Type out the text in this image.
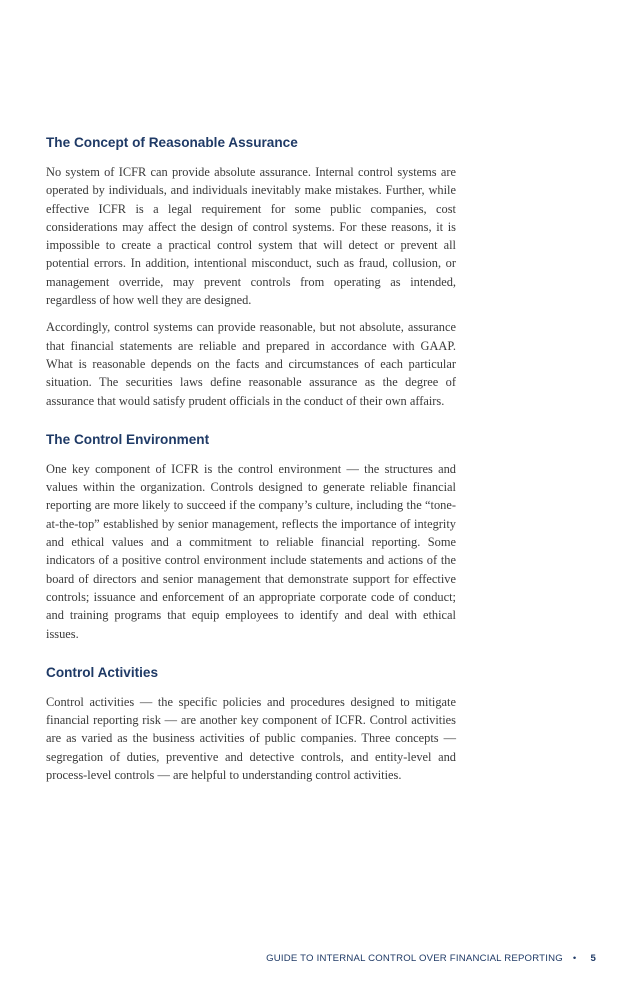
The Concept of Reasonable Assurance

No system of ICFR can provide absolute assurance. Internal control systems are operated by individuals, and individuals inevitably make mistakes. Further, while effective ICFR is a legal requirement for some public companies, cost considerations may affect the design of control systems. For these reasons, it is impossible to create a practical control system that will detect or prevent all potential errors. In addition, intentional misconduct, such as fraud, collusion, or management override, may prevent controls from operating as intended, regardless of how well they are designed.

Accordingly, control systems can provide reasonable, but not absolute, assurance that financial statements are reliable and prepared in accordance with GAAP. What is reasonable depends on the facts and circumstances of each particular situation. The securities laws define reasonable assurance as the degree of assurance that would satisfy prudent officials in the conduct of their own affairs.

The Control Environment

One key component of ICFR is the control environment — the structures and values within the organization. Controls designed to generate reliable financial reporting are more likely to succeed if the company’s culture, including the “tone-at-the-top” established by senior management, reflects the importance of integrity and ethical values and a commitment to reliable financial reporting. Some indicators of a positive control environment include statements and actions of the board of directors and senior management that demonstrate support for effective controls; issuance and enforcement of an appropriate corporate code of conduct; and training programs that equip employees to identify and deal with ethical issues.

Control Activities

Control activities — the specific policies and procedures designed to mitigate financial reporting risk — are another key component of ICFR. Control activities are as varied as the business activities of public companies. Three concepts — segregation of duties, preventive and detective controls, and entity-level and process-level controls — are helpful to understanding control activities.

GUIDE TO INTERNAL CONTROL OVER FINANCIAL REPORTING • 5
